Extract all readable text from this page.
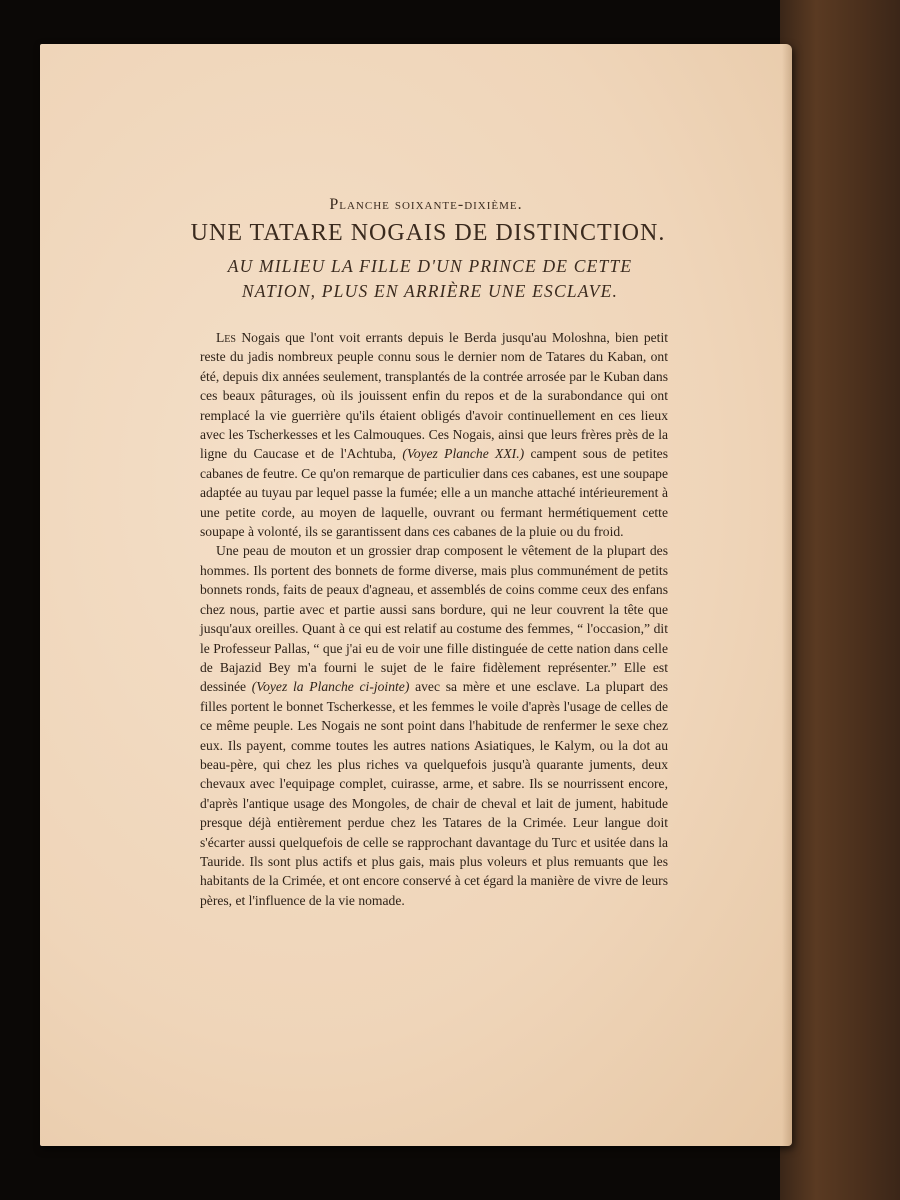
Planche soixante-dixième.
UNE TATARE NOGAIS DE DISTINCTION.
AU MILIEU LA FILLE D'UN PRINCE DE CETTE
NATION, PLUS EN ARRIÈRE UNE ESCLAVE.

Les Nogais que l'ont voit errants depuis le Berda jusqu'au Moloshna, bien petit reste du jadis nombreux peuple connu sous le dernier nom de Tatares du Kaban, ont été, depuis dix années seulement, transplantés de la contrée arrosée par le Kuban dans ces beaux pâturages, où ils jouissent enfin du repos et de la surabondance qui ont remplacé la vie guerrière qu'ils étaient obligés d'avoir continuellement en ces lieux avec les Tscherkesses et les Calmouques. Ces Nogais, ainsi que leurs frères près de la ligne du Caucase et de l'Achtuba, (Voyez Planche XXI.) campent sous de petites cabanes de feutre. Ce qu'on remarque de particulier dans ces cabanes, est une soupape adaptée au tuyau par lequel passe la fumée; elle a un manche attaché intérieurement à une petite corde, au moyen de laquelle, ouvrant ou fermant hermétiquement cette soupape à volonté, ils se garantissent dans ces cabanes de la pluie ou du froid.

Une peau de mouton et un grossier drap composent le vêtement de la plupart des hommes. Ils portent des bonnets de forme diverse, mais plus communément de petits bonnets ronds, faits de peaux d'agneau, et assemblés de coins comme ceux des enfans chez nous, partie avec et partie aussi sans bordure, qui ne leur couvrent la tête que jusqu'aux oreilles. Quant à ce qui est relatif au costume des femmes, “ l'occasion,” dit le Professeur Pallas, “ que j'ai eu de voir une fille distinguée de cette nation dans celle de Bajazid Bey m'a fourni le sujet de le faire fidèlement représenter.” Elle est dessinée (Voyez la Planche ci-jointe) avec sa mère et une esclave. La plupart des filles portent le bonnet Tscherkesse, et les femmes le voile d'après l'usage de celles de ce même peuple. Les Nogais ne sont point dans l'habitude de renfermer le sexe chez eux. Ils payent, comme toutes les autres nations Asiatiques, le Kalym, ou la dot au beau-père, qui chez les plus riches va quelquefois jusqu'à quarante juments, deux chevaux avec l'equipage complet, cuirasse, arme, et sabre. Ils se nourrissent encore, d'après l'antique usage des Mongoles, de chair de cheval et lait de jument, habitude presque déjà entièrement perdue chez les Tatares de la Crimée. Leur langue doit s'écarter aussi quelquefois de celle se rapprochant davantage du Turc et usitée dans la Tauride. Ils sont plus actifs et plus gais, mais plus voleurs et plus remuants que les habitants de la Crimée, et ont encore conservé à cet égard la manière de vivre de leurs pères, et l'influence de la vie nomade.
